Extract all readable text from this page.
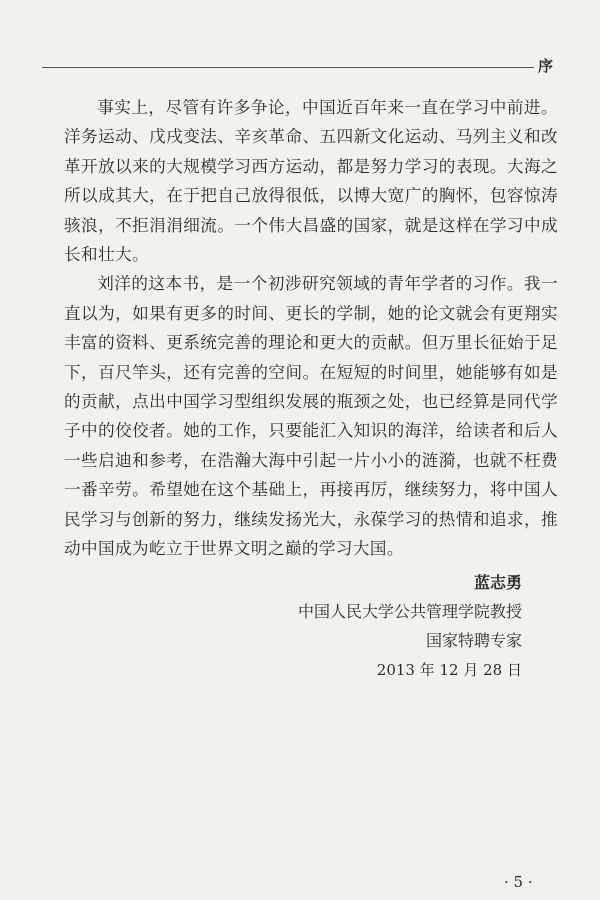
序

事实上，尽管有许多争论，中国近百年来一直在学习中前进。洋务运动、戊戌变法、辛亥革命、五四新文化运动、马列主义和改革开放以来的大规模学习西方运动，都是努力学习的表现。大海之所以成其大，在于把自己放得很低，以博大宽广的胸怀，包容惊涛骇浪，不拒涓涓细流。一个伟大昌盛的国家，就是这样在学习中成长和壮大。

刘洋的这本书，是一个初涉研究领域的青年学者的习作。我一直以为，如果有更多的时间、更长的学制，她的论文就会有更翔实丰富的资料、更系统完善的理论和更大的贡献。但万里长征始于足下，百尺竿头，还有完善的空间。在短短的时间里，她能够有如是的贡献，点出中国学习型组织发展的瓶颈之处，也已经算是同代学子中的佼佼者。她的工作，只要能汇入知识的海洋，给读者和后人一些启迪和参考，在浩瀚大海中引起一片小小的涟漪，也就不枉费一番辛劳。希望她在这个基础上，再接再厉，继续努力，将中国人民学习与创新的努力，继续发扬光大，永葆学习的热情和追求，推动中国成为屹立于世界文明之巅的学习大国。

蓝志勇
中国人民大学公共管理学院教授
国家特聘专家
2013 年 12 月 28 日
· 5 ·
